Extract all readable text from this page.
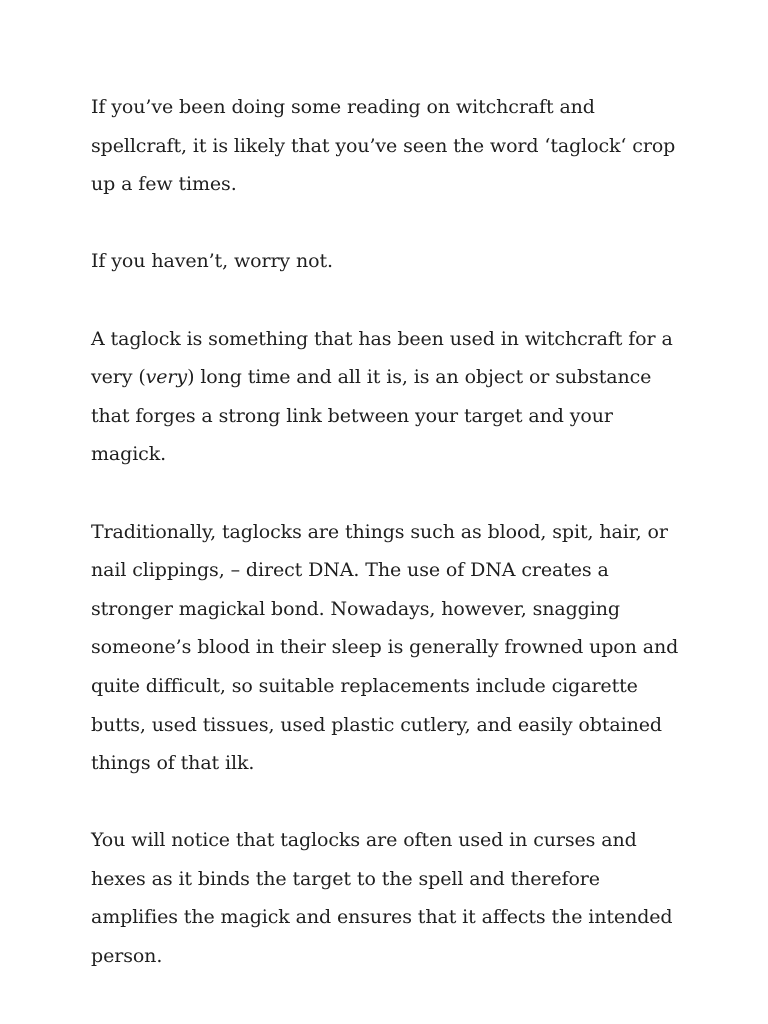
If you’ve been doing some reading on witchcraft and spellcraft, it is likely that you’ve seen the word ‘taglock‘ crop up a few times.

If you haven’t, worry not.

A taglock is something that has been used in witchcraft for a very (very) long time and all it is, is an object or substance that forges a strong link between your target and your magick.

Traditionally, taglocks are things such as blood, spit, hair, or nail clippings, – direct DNA. The use of DNA creates a stronger magickal bond. Nowadays, however, snagging someone’s blood in their sleep is generally frowned upon and quite difficult, so suitable replacements include cigarette butts, used tissues, used plastic cutlery, and easily obtained things of that ilk.

You will notice that taglocks are often used in curses and hexes as it binds the target to the spell and therefore amplifies the magick and ensures that it affects the intended person.
